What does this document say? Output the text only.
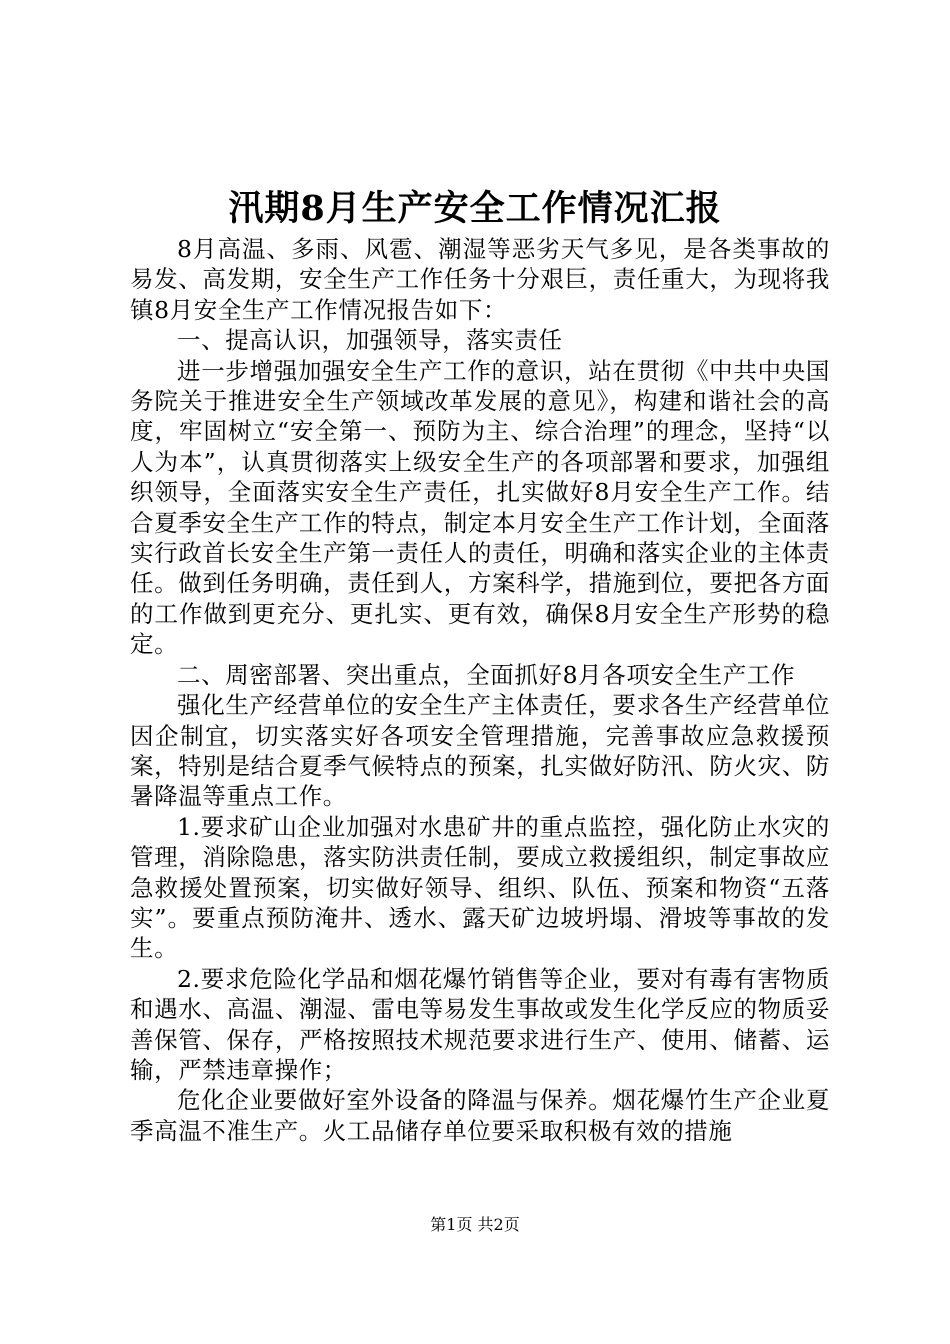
汛期8月生产安全工作情况汇报

8月高温、多雨、风雹、潮湿等恶劣天气多见，是各类事故的易发、高发期，安全生产工作任务十分艰巨，责任重大，为现将我镇8月安全生产工作情况报告如下：

一、提高认识，加强领导，落实责任

进一步增强加强安全生产工作的意识，站在贯彻《中共中央国务院关于推进安全生产领域改革发展的意见》，构建和谐社会的高度，牢固树立“安全第一、预防为主、综合治理”的理念，坚持“以人为本”，认真贯彻落实上级安全生产的各项部署和要求，加强组织领导，全面落实安全生产责任，扎实做好8月安全生产工作。结合夏季安全生产工作的特点，制定本月安全生产工作计划，全面落实行政首长安全生产第一责任人的责任，明确和落实企业的主体责任。做到任务明确，责任到人，方案科学，措施到位，要把各方面的工作做到更充分、更扎实、更有效，确保8月安全生产形势的稳定。

二、周密部署、突出重点，全面抓好8月各项安全生产工作

强化生产经营单位的安全生产主体责任，要求各生产经营单位因企制宜，切实落实好各项安全管理措施，完善事故应急救援预案，特别是结合夏季气候特点的预案，扎实做好防汛、防火灾、防暑降温等重点工作。

1.要求矿山企业加强对水患矿井的重点监控，强化防止水灾的管理，消除隐患，落实防洪责任制，要成立救援组织，制定事故应急救援处置预案，切实做好领导、组织、队伍、预案和物资“五落实”。要重点预防淹井、透水、露天矿边坡坍塌、滑坡等事故的发生。

2.要求危险化学品和烟花爆竹销售等企业，要对有毒有害物质和遇水、高温、潮湿、雷电等易发生事故或发生化学反应的物质妥善保管、保存，严格按照技术规范要求进行生产、使用、储蓄、运输，严禁违章操作；

危化企业要做好室外设备的降温与保养。烟花爆竹生产企业夏季高温不准生产。火工品储存单位要采取积极有效的措施

第1页 共2页
